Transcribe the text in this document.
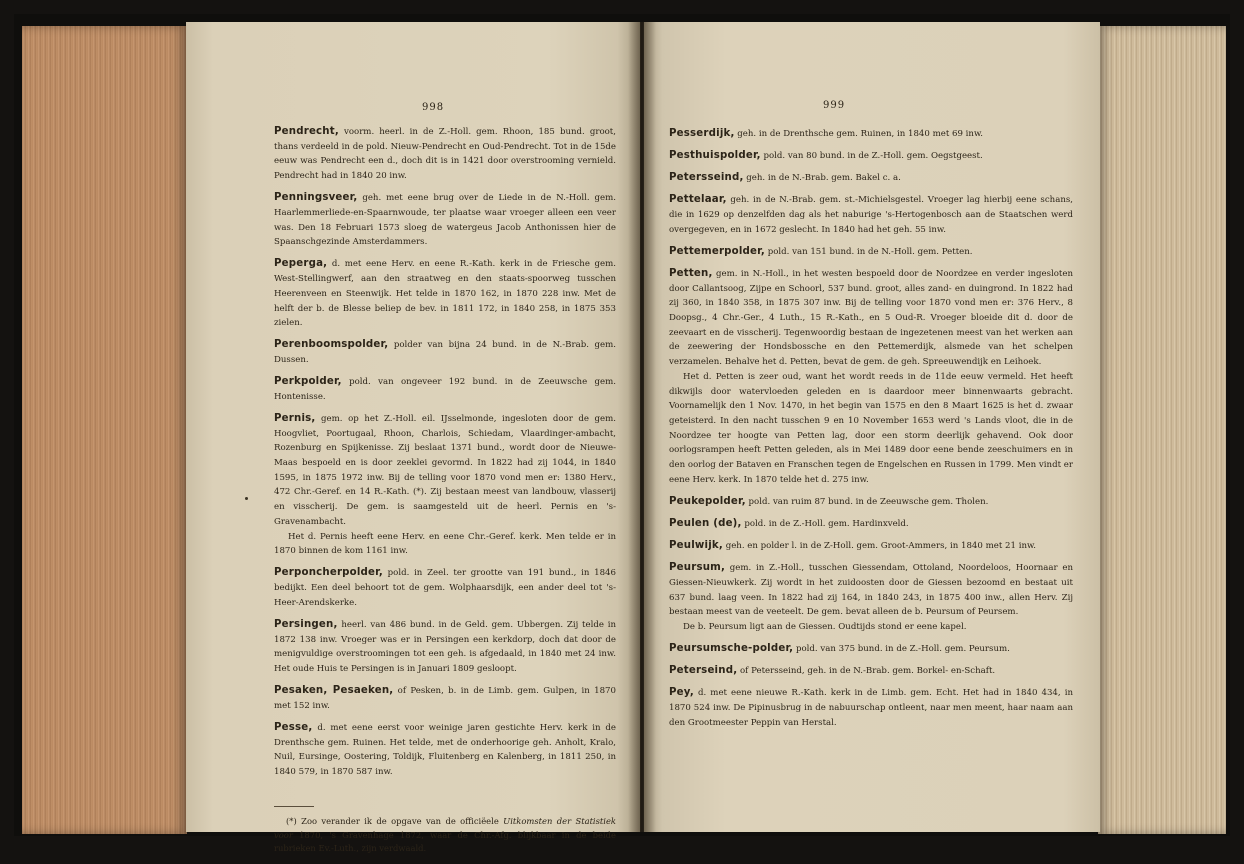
998

Pendrecht, voorm. heerl. in de Z.-Holl. gem. Rhoon, 185 bund. groot, thans verdeeld in de pold. Nieuw-Pendrecht en Oud-Pendrecht. Tot in de 15de eeuw was Pendrecht een d., doch dit is in 1421 door overstrooming vernield. Pendrecht had in 1840 20 inw.

Penningsveer, geh. met eene brug over de Liede in de N.-Holl. gem. Haarlemmerliede-en-Spaarnwoude, ter plaatse waar vroeger alleen een veer was. Den 18 Februari 1573 sloeg de watergeus Jacob Anthonissen hier de Spaanschgezinde Amsterdammers.

Peperga, d. met eene Herv. en eene R.-Kath. kerk in de Friesche gem. West-Stellingwerf, aan den straatweg en den staats-spoorweg tusschen Heerenveen en Steenwijk. Het telde in 1870 162, in 1870 228 inw. Met de helft der b. de Blesse beliep de bev. in 1811 172, in 1840 258, in 1875 353 zielen.

Perenboomspolder, polder van bijna 24 bund. in de N.-Brab. gem. Dussen.

Perkpolder, pold. van ongeveer 192 bund. in de Zeeuwsche gem. Hontenisse.

Pernis, gem. op het Z.-Holl. eil. IJsselmonde, ingesloten door de gem. Hoogvliet, Poortugaal, Rhoon, Charlois, Schiedam, Vlaardinger-ambacht, Rozenburg en Spijkenisse. Zij beslaat 1371 bund., wordt door de Nieuwe-Maas bespoeld en is door zeeklei gevormd. In 1822 had zij 1044, in 1840 1595, in 1875 1972 inw. Bij de telling voor 1870 vond men er: 1380 Herv., 472 Chr.-Geref. en 14 R.-Kath. (*). Zij bestaan meest van landbouw, vlasserij en visscherij. De gem. is saamgesteld uit de heerl. Pernis en 's-Gravenambacht.

Het d. Pernis heeft eene Herv. en eene Chr.-Geref. kerk. Men telde er in 1870 binnen de kom 1161 inw.

Perponcherpolder, pold. in Zeel. ter grootte van 191 bund., in 1846 bedijkt. Een deel behoort tot de gem. Wolphaarsdijk, een ander deel tot 's-Heer-Arendskerke.

Persingen, heerl. van 486 bund. in de Geld. gem. Ubbergen. Zij telde in 1872 138 inw. Vroeger was er in Persingen een kerkdorp, doch dat door de menigvuldige overstroomingen tot een geh. is afgedaald, in 1840 met 24 inw. Het oude Huis te Persingen is in Januari 1809 gesloopt.

Pesaken, Pesaeken, of Pesken, b. in de Limb. gem. Gulpen, in 1870 met 152 inw.

Pesse, d. met eene eerst voor weinige jaren gestichte Herv. kerk in de Drenthsche gem. Ruinen. Het telde, met de onderhoorige geh. Anholt, Kralo, Nuil, Eursinge, Oostering, Toldijk, Fluitenberg en Kalenberg, in 1811 250, in 1840 579, in 1870 587 inw.

(*) Zoo verander ik de opgave van de officiëele Uitkomsten der Statistiek voor 1870, 's Gravenhage 1872, waar de Chr.-Afg. blijkbaar in de beide rubrieken Ev.-Luth., zijn verdwaald.

999

Pesserdijk, geh. in de Drenthsche gem. Ruinen, in 1840 met 69 inw.

Pesthuispolder, pold. van 80 bund. in de Z.-Holl. gem. Oegstgeest.

Petersseind, geh. in de N.-Brab. gem. Bakel c. a.

Pettelaar, geh. in de N.-Brab. gem. st.-Michielsgestel. Vroeger lag hierbij eene schans, die in 1629 op denzelfden dag als het naburige 's-Hertogenbosch aan de Staatschen werd overgegeven, en in 1672 geslecht. In 1840 had het geh. 55 inw.

Pettemerpolder, pold. van 151 bund. in de N.-Holl. gem. Petten.

Petten, gem. in N.-Holl., in het westen bespoeld door de Noordzee en verder ingesloten door Callantsoog, Zijpe en Schoorl, 537 bund. groot, alles zand- en duingrond. In 1822 had zij 360, in 1840 358, in 1875 307 inw. Bij de telling voor 1870 vond men er: 376 Herv., 8 Doopsg., 4 Chr.-Ger., 4 Luth., 15 R.-Kath., en 5 Oud-R. Vroeger bloeide dit d. door de zeevaart en de visscherij. Tegenwoordig bestaan de ingezetenen meest van het werken aan de zeewering der Hondsbossche en den Pettemerdijk, alsmede van het schelpen verzamelen. Behalve het d. Petten, bevat de gem. de geh. Spreeuwendijk en Leihoek.

Het d. Petten is zeer oud, want het wordt reeds in de 11de eeuw vermeld. Het heeft dikwijls door watervloeden geleden en is daardoor meer binnenwaarts gebracht. Voornamelijk den 1 Nov. 1470, in het begin van 1575 en den 8 Maart 1625 is het d. zwaar geteisterd. In den nacht tusschen 9 en 10 November 1653 werd 's Lands vloot, die in de Noordzee ter hoogte van Petten lag, door een storm deerlijk gehavend. Ook door oorlogsrampen heeft Petten geleden, als in Mei 1489 door eene bende zeeschuimers en in den oorlog der Bataven en Franschen tegen de Engelschen en Russen in 1799. Men vindt er eene Herv. kerk. In 1870 telde het d. 275 inw.

Peukepolder, pold. van ruim 87 bund. in de Zeeuwsche gem. Tholen.

Peulen (de), pold. in de Z.-Holl. gem. Hardinxveld.

Peulwijk, geh. en polder l. in de Z-Holl. gem. Groot-Ammers, in 1840 met 21 inw.

Peursum, gem. in Z.-Holl., tusschen Giessendam, Ottoland, Noordeloos, Hoornaar en Giessen-Nieuwkerk. Zij wordt in het zuidoosten door de Giessen bezoomd en bestaat uit 637 bund. laag veen. In 1822 had zij 164, in 1840 243, in 1875 400 inw., allen Herv. Zij bestaan meest van de veeteelt. De gem. bevat alleen de b. Peursum of Peursem.

De b. Peursum ligt aan de Giessen. Oudtijds stond er eene kapel.

Peursumsche-polder, pold. van 375 bund. in de Z.-Holl. gem. Peursum.

Peterseind, of Petersseind, geh. in de N.-Brab. gem. Borkel- en-Schaft.

Pey, d. met eene nieuwe R.-Kath. kerk in de Limb. gem. Echt. Het had in 1840 434, in 1870 524 inw. De Pipinusbrug in de nabuurschap ontleent, naar men meent, haar naam aan den Grootmeester Peppin van Herstal.
